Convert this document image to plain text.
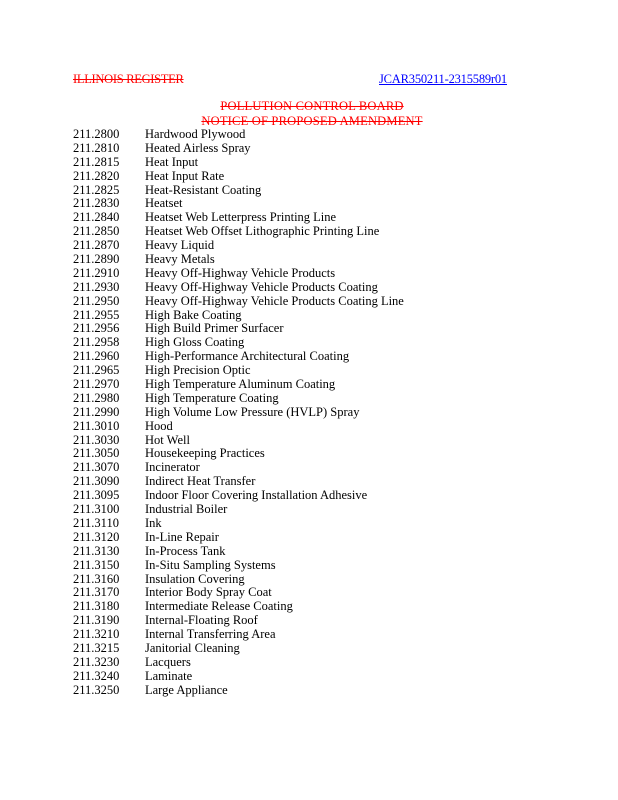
ILLINOIS REGISTER	JCAR350211-2315589r01
POLLUTION CONTROL BOARD
NOTICE OF PROPOSED AMENDMENT
211.2800 Hardwood Plywood
211.2810 Heated Airless Spray
211.2815 Heat Input
211.2820 Heat Input Rate
211.2825 Heat-Resistant Coating
211.2830 Heatset
211.2840 Heatset Web Letterpress Printing Line
211.2850 Heatset Web Offset Lithographic Printing Line
211.2870 Heavy Liquid
211.2890 Heavy Metals
211.2910 Heavy Off-Highway Vehicle Products
211.2930 Heavy Off-Highway Vehicle Products Coating
211.2950 Heavy Off-Highway Vehicle Products Coating Line
211.2955 High Bake Coating
211.2956 High Build Primer Surfacer
211.2958 High Gloss Coating
211.2960 High-Performance Architectural Coating
211.2965 High Precision Optic
211.2970 High Temperature Aluminum Coating
211.2980 High Temperature Coating
211.2990 High Volume Low Pressure (HVLP) Spray
211.3010 Hood
211.3030 Hot Well
211.3050 Housekeeping Practices
211.3070 Incinerator
211.3090 Indirect Heat Transfer
211.3095 Indoor Floor Covering Installation Adhesive
211.3100 Industrial Boiler
211.3110 Ink
211.3120 In-Line Repair
211.3130 In-Process Tank
211.3150 In-Situ Sampling Systems
211.3160 Insulation Covering
211.3170 Interior Body Spray Coat
211.3180 Intermediate Release Coating
211.3190 Internal-Floating Roof
211.3210 Internal Transferring Area
211.3215 Janitorial Cleaning
211.3230 Lacquers
211.3240 Laminate
211.3250 Large Appliance
